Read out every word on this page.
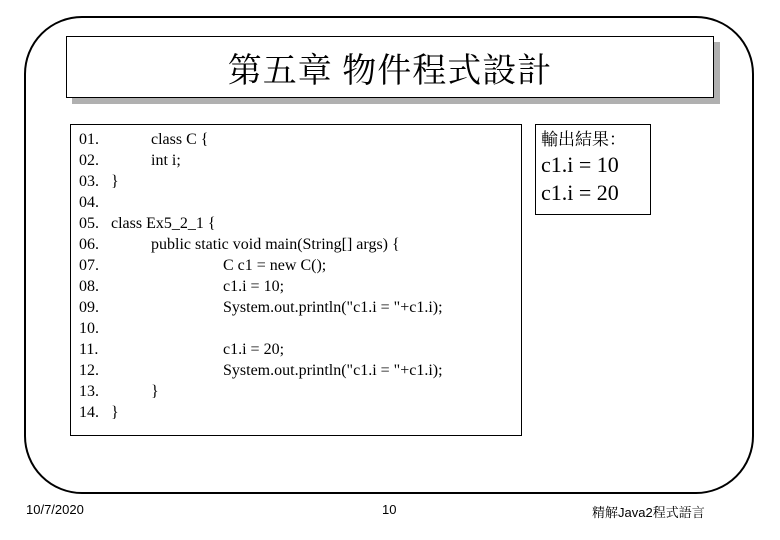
第五章 物件程式設計
01.	class C {
02.	int i;
03. }
04.
05. class Ex5_2_1 {
06.	public static void main(String[] args) {
07.	C c1 = new C();
08.	c1.i = 10;
09.	System.out.println("c1.i = "+c1.i);
10.
11.	c1.i = 20;
12.	System.out.println("c1.i = "+c1.i);
13.	}
14. }
輸出結果：
c1.i = 10
c1.i = 20
10/7/2020	10	精解Java2程式語言
